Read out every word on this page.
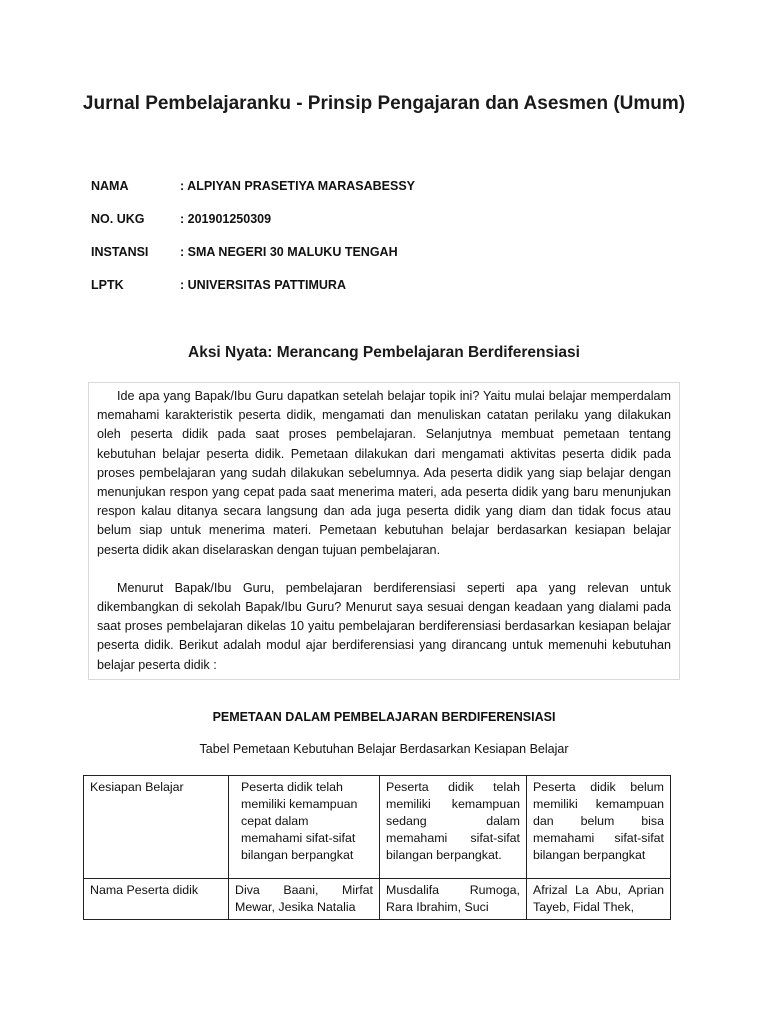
Jurnal Pembelajaranku - Prinsip Pengajaran dan Asesmen (Umum)
NAMA	: ALPIYAN PRASETIYA MARASABESSY
NO. UKG	: 201901250309
INSTANSI	: SMA NEGERI 30 MALUKU TENGAH
LPTK	: UNIVERSITAS PATTIMURA
Aksi Nyata: Merancang Pembelajaran Berdiferensiasi

Ide apa yang Bapak/Ibu Guru dapatkan setelah belajar topik ini? Yaitu mulai belajar memperdalam memahami karakteristik peserta didik, mengamati dan menuliskan catatan perilaku yang dilakukan oleh peserta didik pada saat proses pembelajaran. Selanjutnya membuat pemetaan tentang kebutuhan belajar peserta didik. Pemetaan dilakukan dari mengamati aktivitas peserta didik pada proses pembelajaran yang sudah dilakukan sebelumnya. Ada peserta didik yang siap belajar dengan menunjukan respon yang cepat pada saat menerima materi, ada peserta didik yang baru menunjukan respon kalau ditanya secara langsung dan ada juga peserta didik yang diam dan tidak focus atau belum siap untuk menerima materi. Pemetaan kebutuhan belajar berdasarkan kesiapan belajar peserta didik akan diselaraskan dengan tujuan pembelajaran.

Menurut Bapak/Ibu Guru, pembelajaran berdiferensiasi seperti apa yang relevan untuk dikembangkan di sekolah Bapak/Ibu Guru? Menurut saya sesuai dengan keadaan yang dialami pada saat proses pembelajaran dikelas 10 yaitu pembelajaran berdiferensiasi berdasarkan kesiapan belajar peserta didik. Berikut adalah modul ajar berdiferensiasi yang dirancang untuk memenuhi kebutuhan belajar peserta didik :

PEMETAAN DALAM PEMBELAJARAN BERDIFERENSIASI
Tabel Pemetaan Kebutuhan Belajar Berdasarkan Kesiapan Belajar
Kesiapan Belajar	Peserta didik telah memiliki kemampuan cepat dalam memahami sifat-sifat bilangan berpangkat	Peserta didik telah memiliki kemampuan sedang dalam memahami sifat-sifat bilangan berpangkat.	Peserta didik belum memiliki kemampuan dan belum bisa memahami sifat-sifat bilangan berpangkat

Nama Peserta didik	Diva Baani, Mirfat Mewar, Jesika Natalia	Musdalifa Rumoga, Rara Ibrahim, Suci	Afrizal La Abu, Aprian Tayeb, Fidal Thek,
